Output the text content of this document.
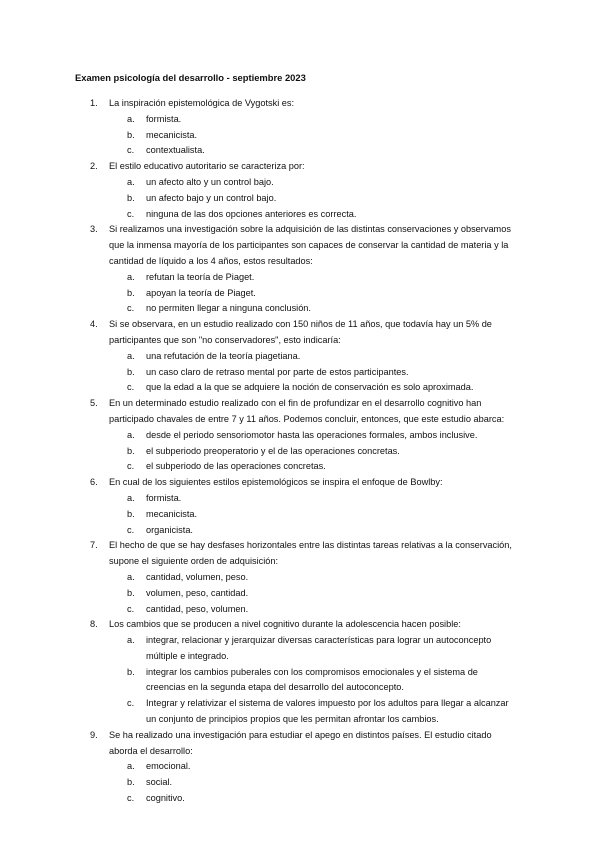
Examen psicología del desarrollo - septiembre 2023
1. La inspiración epistemológica de Vygotski es:
a. formista.
b. mecanicista.
c. contextualista.
2. El estilo educativo autoritario se caracteriza por:
a. un afecto alto y un control bajo.
b. un afecto bajo y un control bajo.
c. ninguna de las dos opciones anteriores es correcta.
3. Si realizamos una investigación sobre la adquisición de las distintas conservaciones y observamos que la inmensa mayoría de los participantes son capaces de conservar la cantidad de materia y la cantidad de líquido a los 4 años, estos resultados:
a. refutan la teoría de Piaget.
b. apoyan la teoría de Piaget.
c. no permiten llegar a ninguna conclusión.
4. Si se observara, en un estudio realizado con 150 niños de 11 años, que todavía hay un 5% de participantes que son "no conservadores", esto indicaría:
a. una refutación de la teoría piagetiana.
b. un caso claro de retraso mental por parte de estos participantes.
c. que la edad a la que se adquiere la noción de conservación es solo aproximada.
5. En un determinado estudio realizado con el fin de profundizar en el desarrollo cognitivo han participado chavales de entre 7 y 11 años. Podemos concluir, entonces, que este estudio abarca:
a. desde el periodo sensoriomotor hasta las operaciones formales, ambos inclusive.
b. el subperiodo preoperatorio y el de las operaciones concretas.
c. el subperiodo de las operaciones concretas.
6. En cual de los siguientes estilos epistemológicos se inspira el enfoque de Bowlby:
a. formista.
b. mecanicista.
c. organicista.
7. El hecho de que se hay desfases horizontales entre las distintas tareas relativas a la conservación, supone el siguiente orden de adquisición:
a. cantidad, volumen, peso.
b. volumen, peso, cantidad.
c. cantidad, peso, volumen.
8. Los cambios que se producen a nivel cognitivo durante la adolescencia hacen posible:
a. integrar, relacionar y jerarquizar diversas características para lograr un autoconcepto múltiple e integrado.
b. integrar los cambios puberales con los compromisos emocionales y el sistema de creencias en la segunda etapa del desarrollo del autoconcepto.
c. Integrar y relativizar el sistema de valores impuesto por los adultos para llegar a alcanzar un conjunto de principios propios que les permitan afrontar los cambios.
9. Se ha realizado una investigación para estudiar el apego en distintos países. El estudio citado aborda el desarrollo:
a. emocional.
b. social.
c. cognitivo.
